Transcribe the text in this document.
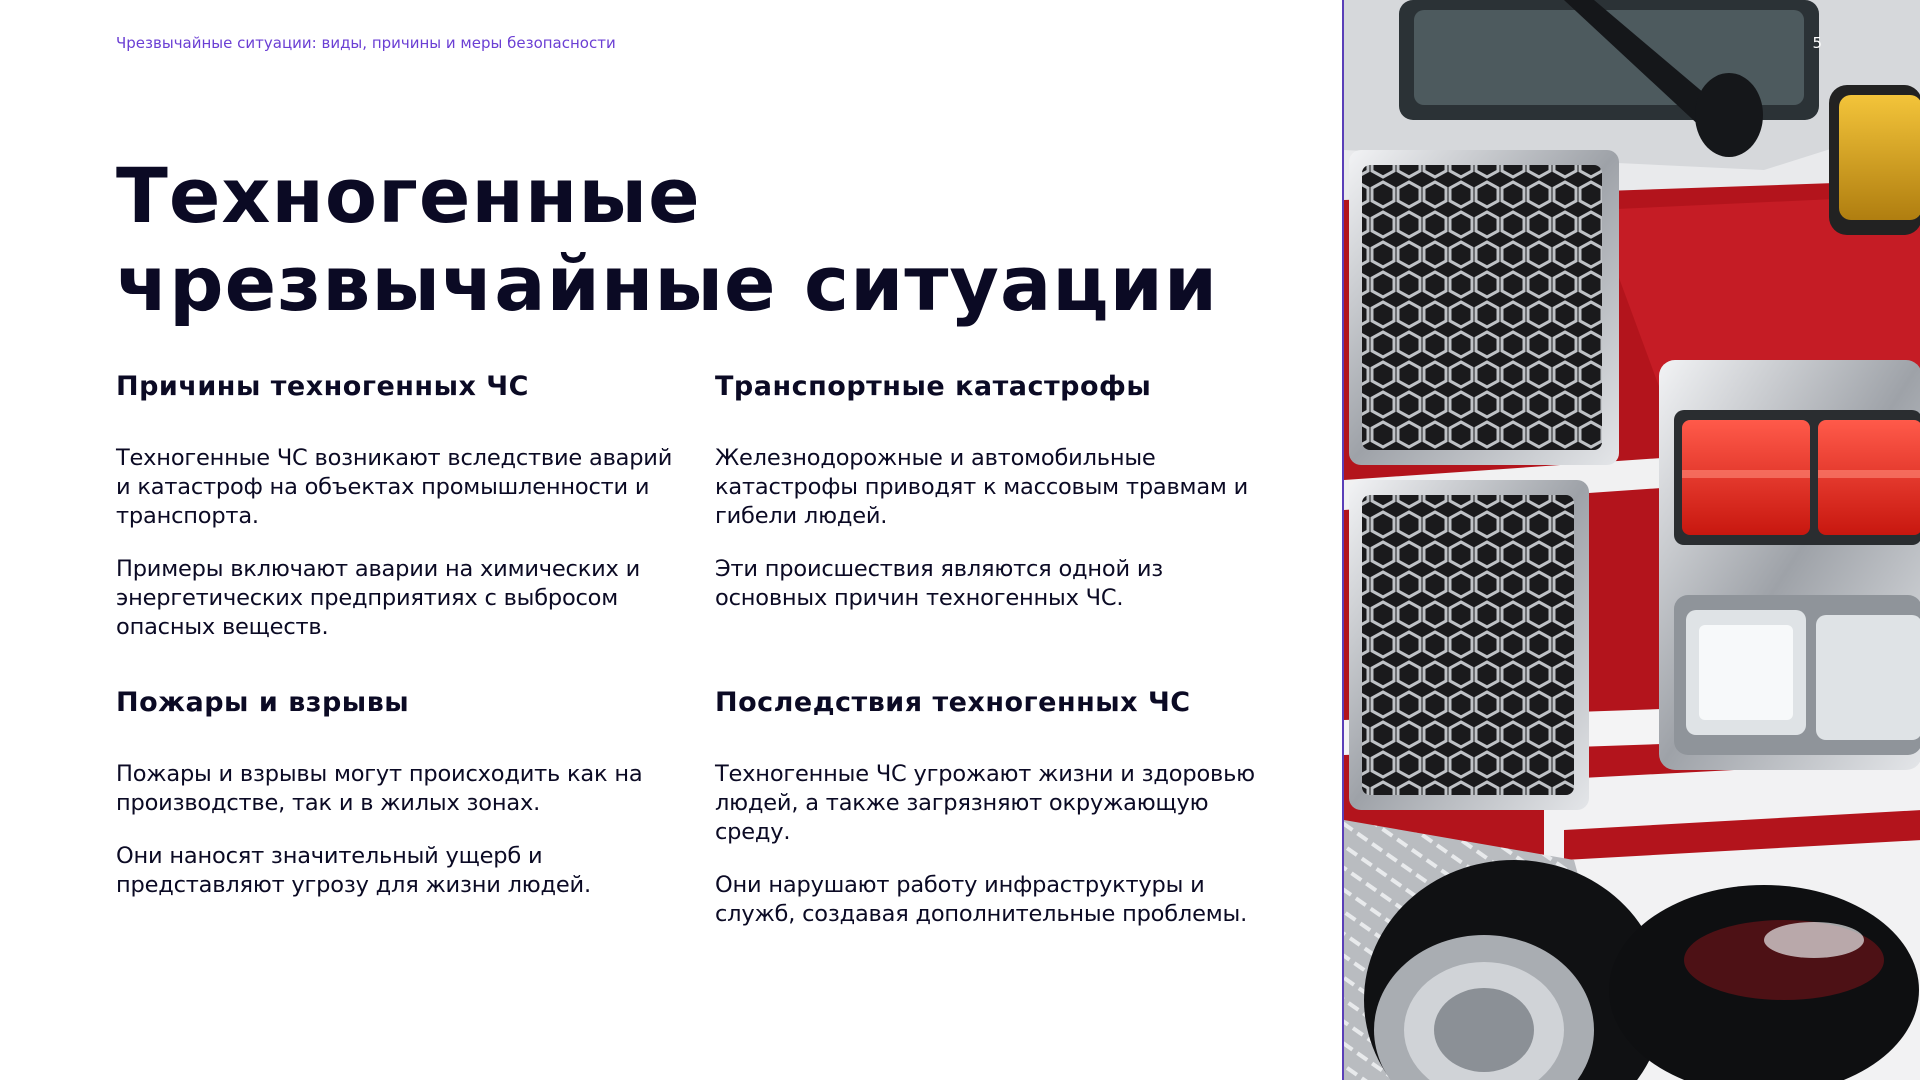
Чрезвычайные ситуации: виды, причины и меры безопасности
Техногенные
чрезвычайные ситуации
Причины техногенных ЧС

Техногенные ЧС возникают вследствие аварий и катастроф на объектах промышленности и транспорта.

Примеры включают аварии на химических и энергетических предприятиях с выбросом опасных веществ.

Транспортные катастрофы

Железнодорожные и автомобильные катастрофы приводят к массовым травмам и гибели людей.

Эти происшествия являются одной из основных причин техногенных ЧС.

Пожары и взрывы

Пожары и взрывы могут происходить как на производстве, так и в жилых зонах.

Они наносят значительный ущерб и представляют угрозу для жизни людей.

Последствия техногенных ЧС

Техногенные ЧС угрожают жизни и здоровью людей, а также загрязняют окружающую среду.

Они нарушают работу инфраструктуры и служб, создавая дополнительные проблемы.

5
